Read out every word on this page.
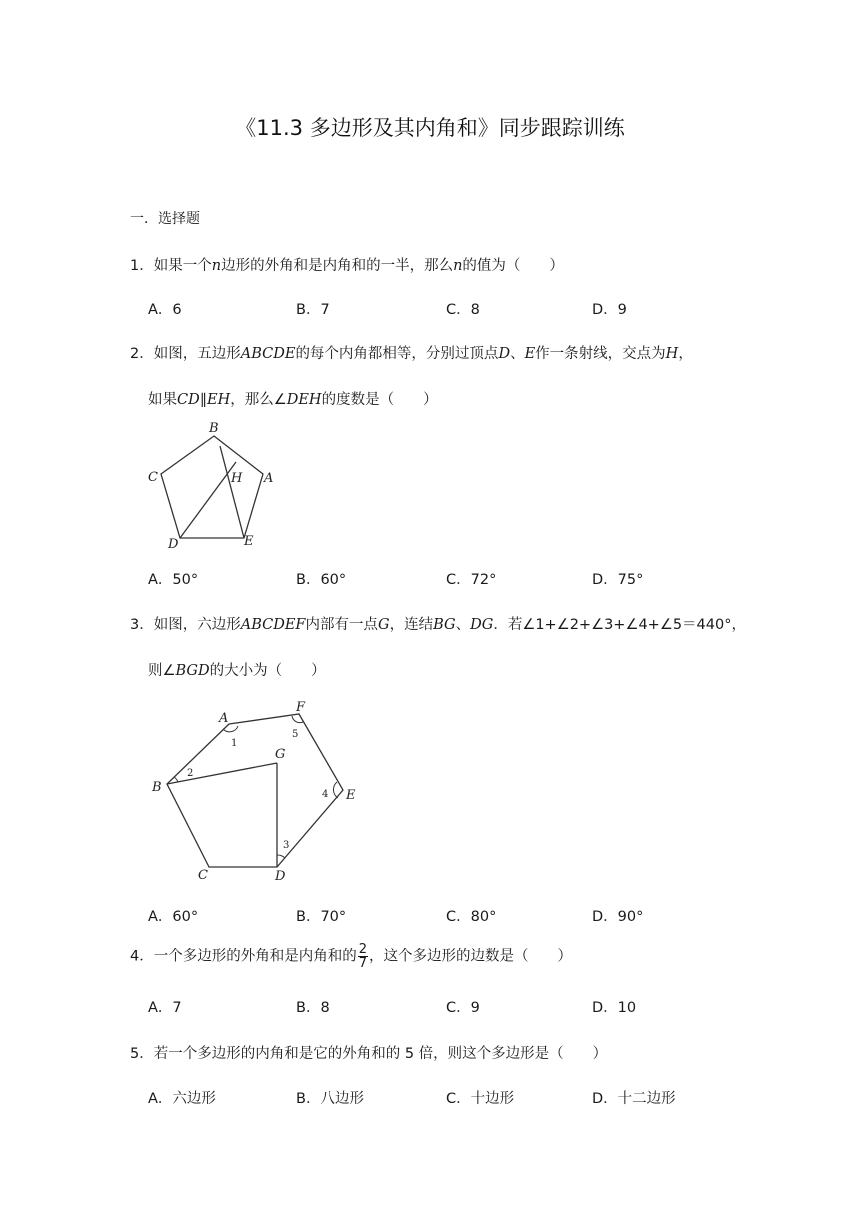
《11.3 多边形及其内角和》同步跟踪训练
一．选择题
1．如果一个n边形的外角和是内角和的一半，那么n的值为（　　）
A．6	B．7	C．8	D．9
2．如图，五边形ABCDE的每个内角都相等，分别过顶点D、E作一条射线，交点为H，
如果CD∥EH，那么∠DEH的度数是（　　）
B
C	H A
D	E
A．50°	B．60°	C．72°	D．75°
3．如图，六边形ABCDEF内部有一点G，连结BG、DG．若∠1+∠2+∠3+∠4+∠5＝440°，
则∠BGD的大小为（　　）
A
F
G
B
E
C	D
1
2
3
4
5
A．60°	B．70°	C．80°	D．90°
4．一个多边形的外角和是内角和的 $\frac{2}{7}$ ，这个多边形的边数是（　　）
A．7	B．8	C．9	D．10
5．若一个多边形的内角和是它的外角和的 5 倍，则这个多边形是（　　）
A．六边形	B．八边形	C．十边形	D．十二边形
